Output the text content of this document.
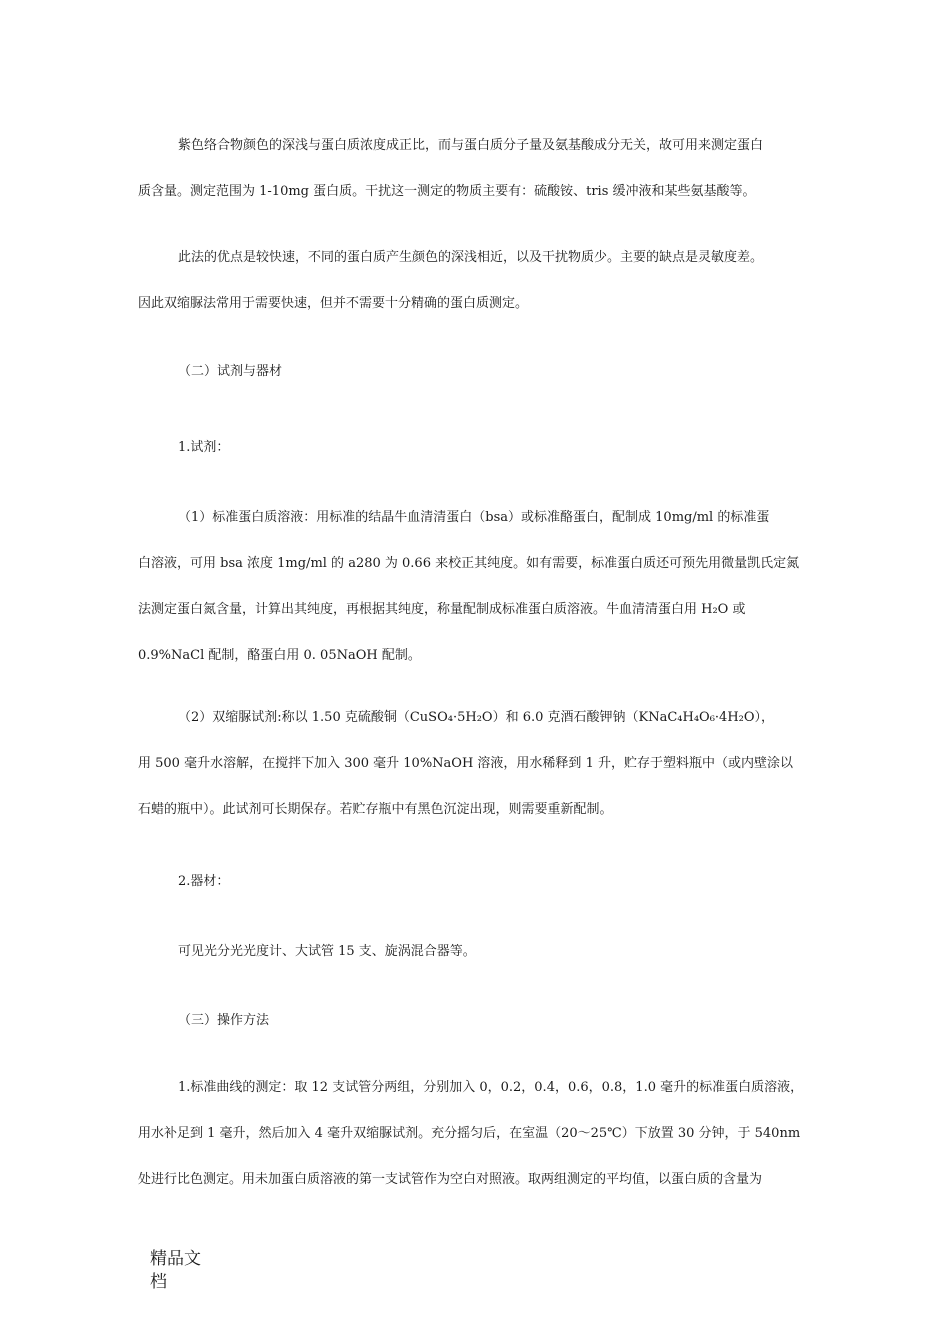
紫色络合物颜色的深浅与蛋白质浓度成正比，而与蛋白质分子量及氨基酸成分无关，故可用来测定蛋白
质含量。测定范围为 1-10mg 蛋白质。干扰这一测定的物质主要有：硫酸铵、tris 缓冲液和某些氨基酸等。
此法的优点是较快速，不同的蛋白质产生颜色的深浅相近，以及干扰物质少。主要的缺点是灵敏度差。
因此双缩脲法常用于需要快速，但并不需要十分精确的蛋白质测定。
（二）试剂与器材
1.试剂：
（1）标准蛋白质溶液：用标准的结晶牛血清清蛋白（bsa）或标准酪蛋白，配制成 10mg/ml 的标准蛋
白溶液，可用 bsa 浓度 1mg/ml 的 a280 为 0.66 来校正其纯度。如有需要，标准蛋白质还可预先用微量凯氏定氮
法测定蛋白氮含量，计算出其纯度，再根据其纯度，称量配制成标准蛋白质溶液。牛血清清蛋白用 H₂O 或
0.9%NaCl 配制，酪蛋白用 0. 05NaOH 配制。
（2）双缩脲试剂:称以 1.50 克硫酸铜（CuSO₄·5H₂O）和 6.0 克酒石酸钾钠（KNaC₄H₄O₆·4H₂O），
用 500 毫升水溶解，在搅拌下加入 300 毫升 10%NaOH 溶液，用水稀释到 1 升，贮存于塑料瓶中（或内壁涂以
石蜡的瓶中）。此试剂可长期保存。若贮存瓶中有黑色沉淀出现，则需要重新配制。
2.器材：
可见光分光光度计、大试管 15 支、旋涡混合器等。
（三）操作方法
1.标准曲线的测定：取 12 支试管分两组，分别加入 0，0.2，0.4，0.6，0.8，1.0 毫升的标准蛋白质溶液，
用水补足到 1 毫升，然后加入 4 毫升双缩脲试剂。充分摇匀后，在室温（20～25℃）下放置 30 分钟，于 540nm
处进行比色测定。用未加蛋白质溶液的第一支试管作为空白对照液。取两组测定的平均值，以蛋白质的含量为
精品文
档
